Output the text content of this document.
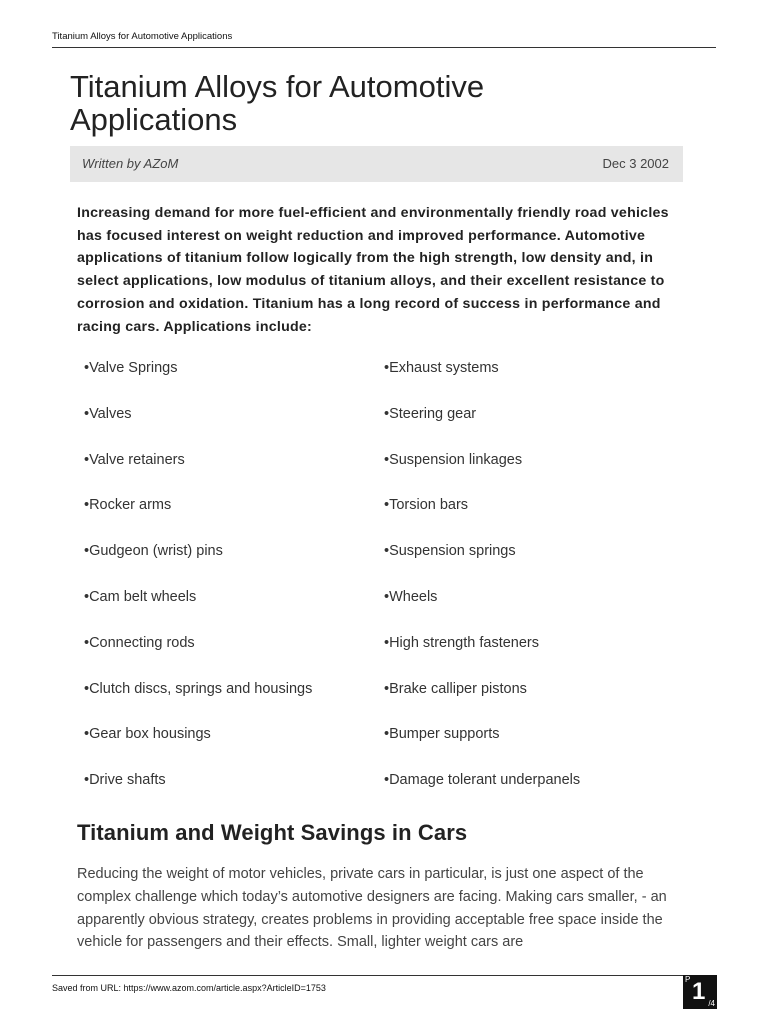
Titanium Alloys for Automotive Applications
Titanium Alloys for Automotive Applications
Written by AZoM	Dec 3 2002

Increasing demand for more fuel-efficient and environmentally friendly road vehicles has focused interest on weight reduction and improved performance. Automotive applications of titanium follow logically from the high strength, low density and, in select applications, low modulus of titanium alloys, and their excellent resistance to corrosion and oxidation. Titanium has a long record of success in performance and racing cars. Applications include:

•Valve Springs
•Valves
•Valve retainers
•Rocker arms
•Gudgeon (wrist) pins
•Cam belt wheels
•Connecting rods
•Clutch discs, springs and housings
•Gear box housings
•Drive shafts
•Exhaust systems
•Steering gear
•Suspension linkages
•Torsion bars
•Suspension springs
•Wheels
•High strength fasteners
•Brake calliper pistons
•Bumper supports
•Damage tolerant underpanels
Titanium and Weight Savings in Cars

Reducing the weight of motor vehicles, private cars in particular, is just one aspect of the complex challenge which today’s automotive designers are facing. Making cars smaller, - an apparently obvious strategy, creates problems in providing acceptable free space inside the vehicle for passengers and their effects. Small, lighter weight cars are

Saved from URL: https://www.azom.com/article.aspx?ArticleID=1753
P 1 /4
